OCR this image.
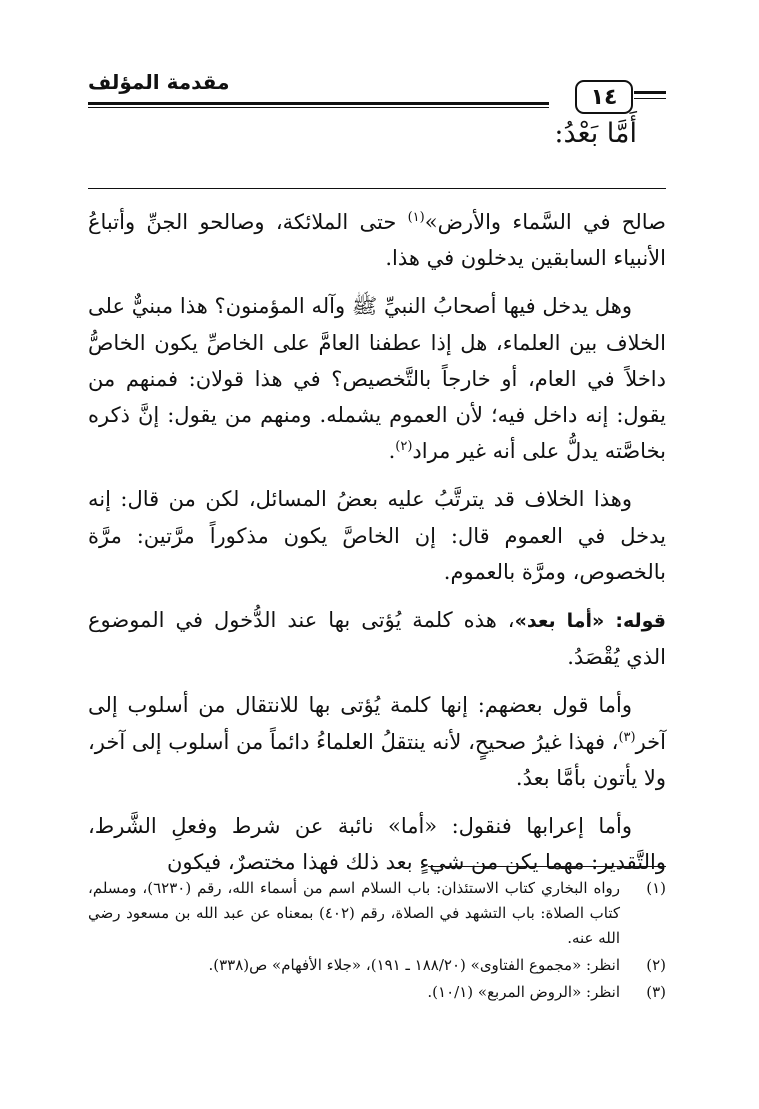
مقدمة المؤلف
١٤
أَمَّا بَعْدُ:

صالح في السَّماء والأرض»$^{(١)}$ حتى الملائكة، وصالحو الجنِّ وأتباعُ الأنبياء السابقين يدخلون في هذا.

وهل يدخل فيها أصحابُ النبيِّ ﷺ وآله المؤمنون؟ هذا مبنيٌّ على الخلاف بين العلماء، هل إذا عطفنا العامَّ على الخاصِّ يكون الخاصُّ داخلاً في العام، أو خارجاً بالتَّخصيص؟ في هذا قولان: فمنهم من يقول: إنه داخل فيه؛ لأن العموم يشمله. ومنهم من يقول: إنَّ ذكره بخاصَّته يدلُّ على أنه غير مراد$^{(٢)}$.

وهذا الخلاف قد يترتَّبُ عليه بعضُ المسائل، لكن من قال: إنه يدخل في العموم قال: إن الخاصَّ يكون مذكوراً مرَّتين: مرَّة بالخصوص، ومرَّة بالعموم.

قوله: «أما بعد»، هذه كلمة يُؤتى بها عند الدُّخول في الموضوع الذي يُقْصَدُ.

وأما قول بعضهم: إنها كلمة يُؤتى بها للانتقال من أسلوب إلى آخر$^{(٣)}$، فهذا غيرُ صحيحٍ، لأنه ينتقلُ العلماءُ دائماً من أسلوب إلى آخر، ولا يأتون بأمَّا بعدُ.

وأما إعرابها فنقول: «أما» نائبة عن شرط وفعلِ الشَّرط، والتَّقدير: مهما يكن من شيءٍ بعد ذلك فهذا مختصرٌ، فيكون

(١)
رواه البخاري كتاب الاستئذان: باب السلام اسم من أسماء الله، رقم (٦٢٣٠)، ومسلم، كتاب الصلاة: باب التشهد في الصلاة، رقم (٤٠٢) بمعناه عن عبد الله بن مسعود رضي الله عنه.
(٢)
انظر: «مجموع الفتاوى» (١٨٨/٢٠ ـ ١٩١)، «جلاء الأفهام» ص(٣٣٨).
(٣)
انظر: «الروض المربع» (١٠/١).
